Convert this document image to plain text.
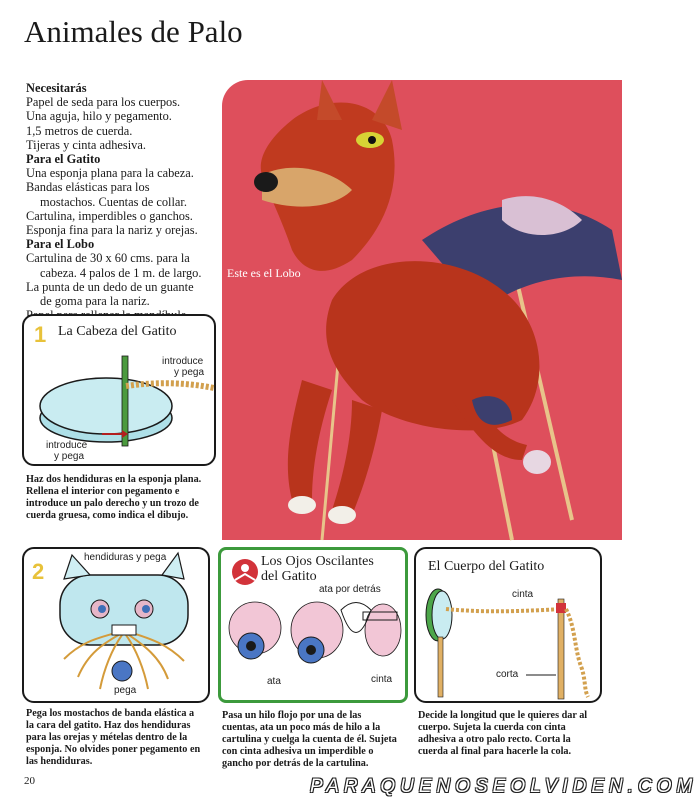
Animales de Palo
Necesitarás
Papel de seda para los cuerpos.
Una aguja, hilo y pegamento.
1,5 metros de cuerda.
Tijeras y cinta adhesiva.
Para el Gatito
Una esponja plana para la cabeza.
Bandas elásticas para los
mostachos. Cuentas de collar.
Cartulina, imperdibles o ganchos.
Esponja fina para la nariz y orejas.
Para el Lobo
Cartulina de 30 x 60 cms. para la
cabeza. 4 palos de 1 m. de largo.
La punta de un dedo de un guante
de goma para la nariz.
Este es el Lobo
1 La Cabeza del Gatito
introduce
y pega
introduce
y pega
Haz dos hendiduras en la esponja plana.
Rellena el interior con pegamento e
introduce un palo derecho y un trozo de
cuerda gruesa, como indica el dibujo.
2
hendiduras y pega
pega
Pega los mostachos de banda elástica a
la cara del gatito. Haz dos hendiduras
para las orejas y mételas dentro de la
esponja. No olvides poner pegamento en
las hendiduras.
Los Ojos Oscilantes
del Gatito
ata por detrás
ata	cinta
Pasa un hilo flojo por una de las
cuentas, ata un poco más de hilo a la
cartulina y cuelga la cuenta de él. Sujeta
con cinta adhesiva un imperdible o
gancho por detrás de la cartulina.
El Cuerpo del Gatito
cinta
corta
Decide la longitud que le quieres dar al
cuerpo. Sujeta la cuerda con cinta
adhesiva a otro palo recto. Corta la
cuerda al final para hacerle la cola.
20	PARAQUENOSEOLVIDEN.COM
